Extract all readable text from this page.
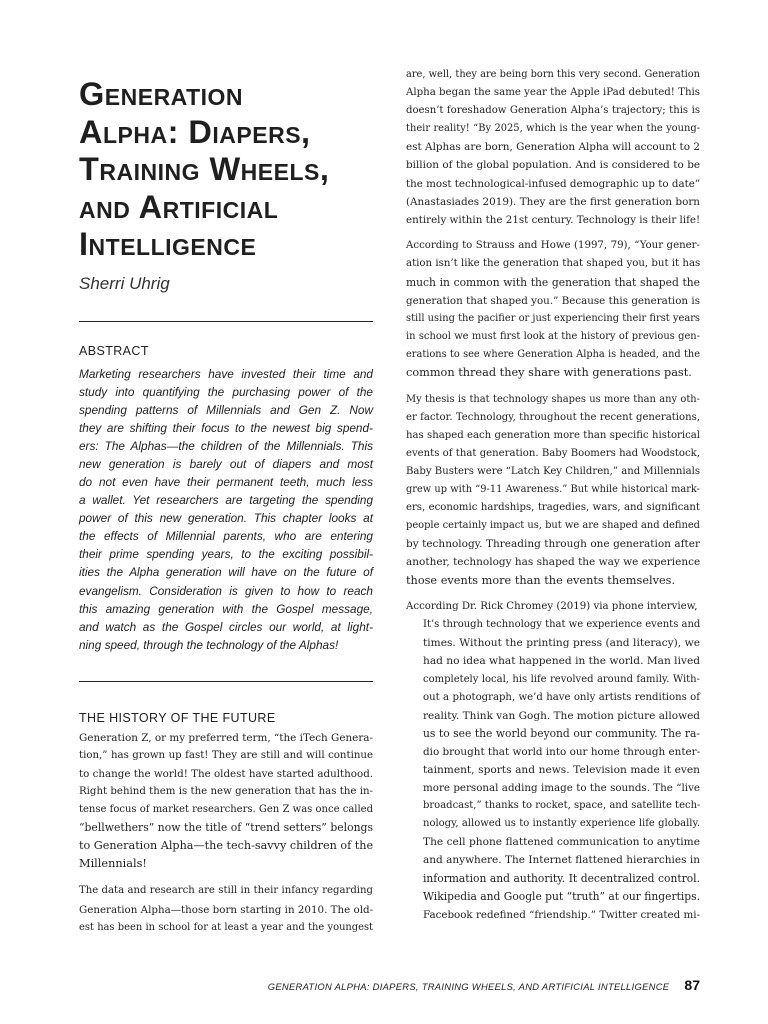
Generation
Alpha: Diapers,
Training Wheels,
and Artificial
Intelligence
Sherri Uhrig
ABSTRACT
Marketing researchers have invested their time and
study into quantifying the purchasing power of the
spending patterns of Millennials and Gen Z. Now
they are shifting their focus to the newest big spend-
ers: The Alphas—the children of the Millennials. This
new generation is barely out of diapers and most
do not even have their permanent teeth, much less
a wallet. Yet researchers are targeting the spending
power of this new generation. This chapter looks at
the effects of Millennial parents, who are entering
their prime spending years, to the exciting possibil-
ities the Alpha generation will have on the future of
evangelism. Consideration is given to how to reach
this amazing generation with the Gospel message,
and watch as the Gospel circles our world, at light-
ning speed, through the technology of the Alphas!
THE HISTORY OF THE FUTURE
Generation Z, or my preferred term, “the iTech Genera-
tion,” has grown up fast! They are still and will continue
to change the world! The oldest have started adulthood.
Right behind them is the new generation that has the in-
tense focus of market researchers. Gen Z was once called
“bellwethers” now the title of “trend setters” belongs
to Generation Alpha—the tech-savvy children of the
Millennials!
The data and research are still in their infancy regarding
Generation Alpha—those born starting in 2010. The old-
est has been in school for at least a year and the youngest
are, well, they are being born this very second. Generation
Alpha began the same year the Apple iPad debuted! This
doesn’t foreshadow Generation Alpha’s trajectory; this is
their reality! “By 2025, which is the year when the young-
est Alphas are born, Generation Alpha will account to 2
billion of the global population. And is considered to be
the most technological-infused demographic up to date”
(Anastasiades 2019). They are the first generation born
entirely within the 21st century. Technology is their life!
According to Strauss and Howe (1997, 79), “Your gener-
ation isn’t like the generation that shaped you, but it has
much in common with the generation that shaped the
generation that shaped you.” Because this generation is
still using the pacifier or just experiencing their first years
in school we must first look at the history of previous gen-
erations to see where Generation Alpha is headed, and the
common thread they share with generations past.
My thesis is that technology shapes us more than any oth-
er factor. Technology, throughout the recent generations,
has shaped each generation more than specific historical
events of that generation. Baby Boomers had Woodstock,
Baby Busters were “Latch Key Children,” and Millennials
grew up with “9-11 Awareness.” But while historical mark-
ers, economic hardships, tragedies, wars, and significant
people certainly impact us, but we are shaped and defined
by technology. Threading through one generation after
another, technology has shaped the way we experience
those events more than the events themselves.
According Dr. Rick Chromey (2019) via phone interview,
It’s through technology that we experience events and
times. Without the printing press (and literacy), we
had no idea what happened in the world. Man lived
completely local, his life revolved around family. With-
out a photograph, we’d have only artists renditions of
reality. Think van Gogh. The motion picture allowed
us to see the world beyond our community. The ra-
dio brought that world into our home through enter-
tainment, sports and news. Television made it even
more personal adding image to the sounds. The “live
broadcast,” thanks to rocket, space, and satellite tech-
nology, allowed us to instantly experience life globally.
The cell phone flattened communication to anytime
and anywhere. The Internet flattened hierarchies in
information and authority. It decentralized control.
Wikipedia and Google put “truth” at our fingertips.
Facebook redefined “friendship.” Twitter created mi-
GENERATION ALPHA: DIAPERS, TRAINING WHEELS, AND ARTIFICIAL INTELLIGENCE 87
